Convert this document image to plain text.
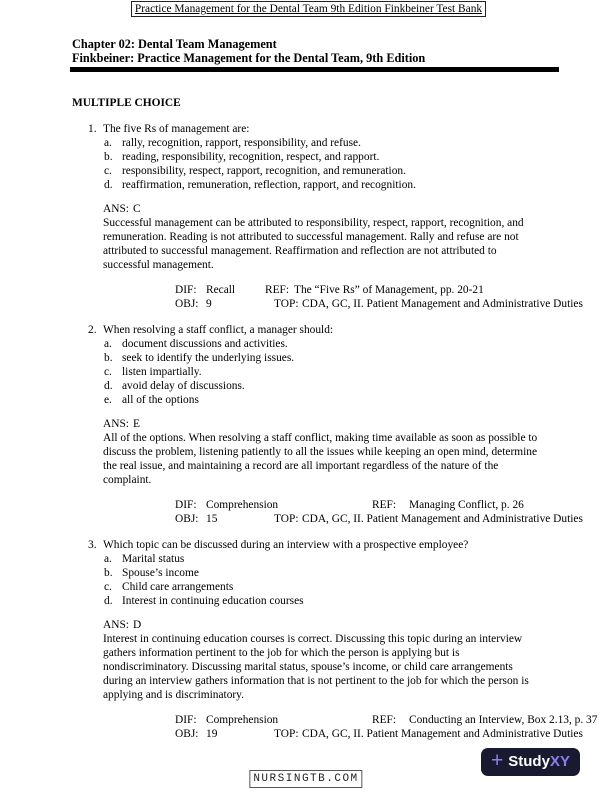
Practice Management for the Dental Team 9th Edition Finkbeiner Test Bank
Chapter 02: Dental Team Management
Finkbeiner: Practice Management for the Dental Team, 9th Edition
MULTIPLE CHOICE
1. The five Rs of management are:
a. rally, recognition, rapport, responsibility, and refuse.
b. reading, responsibility, recognition, respect, and rapport.
c. responsibility, respect, rapport, recognition, and remuneration.
d. reaffirmation, remuneration, reflection, rapport, and recognition.
ANS: C
Successful management can be attributed to responsibility, respect, rapport, recognition, and remuneration. Reading is not attributed to successful management. Rally and refuse are not attributed to successful management. Reaffirmation and reflection are not attributed to successful management.
DIF: Recall	REF: The “Five Rs” of Management, pp. 20-21
OBJ: 9	TOP: CDA, GC, II. Patient Management and Administrative Duties
2. When resolving a staff conflict, a manager should:
a. document discussions and activities.
b. seek to identify the underlying issues.
c. listen impartially.
d. avoid delay of discussions.
e. all of the options
ANS: E
All of the options. When resolving a staff conflict, making time available as soon as possible to discuss the problem, listening patiently to all the issues while keeping an open mind, determine the real issue, and maintaining a record are all important regardless of the nature of the complaint.
DIF: Comprehension	REF: Managing Conflict, p. 26
OBJ: 15	TOP: CDA, GC, II. Patient Management and Administrative Duties
3. Which topic can be discussed during an interview with a prospective employee?
a. Marital status
b. Spouse’s income
c. Child care arrangements
d. Interest in continuing education courses
ANS: D
Interest in continuing education courses is correct. Discussing this topic during an interview gathers information pertinent to the job for which the person is applying but is nondiscriminatory. Discussing marital status, spouse’s income, or child care arrangements during an interview gathers information that is not pertinent to the job for which the person is applying and is discriminatory.
DIF: Comprehension	REF: Conducting an Interview, Box 2.13, p. 37
OBJ: 19	TOP: CDA, GC, II. Patient Management and Administrative Duties
+ StudyXY
NURSINGTB.COM
